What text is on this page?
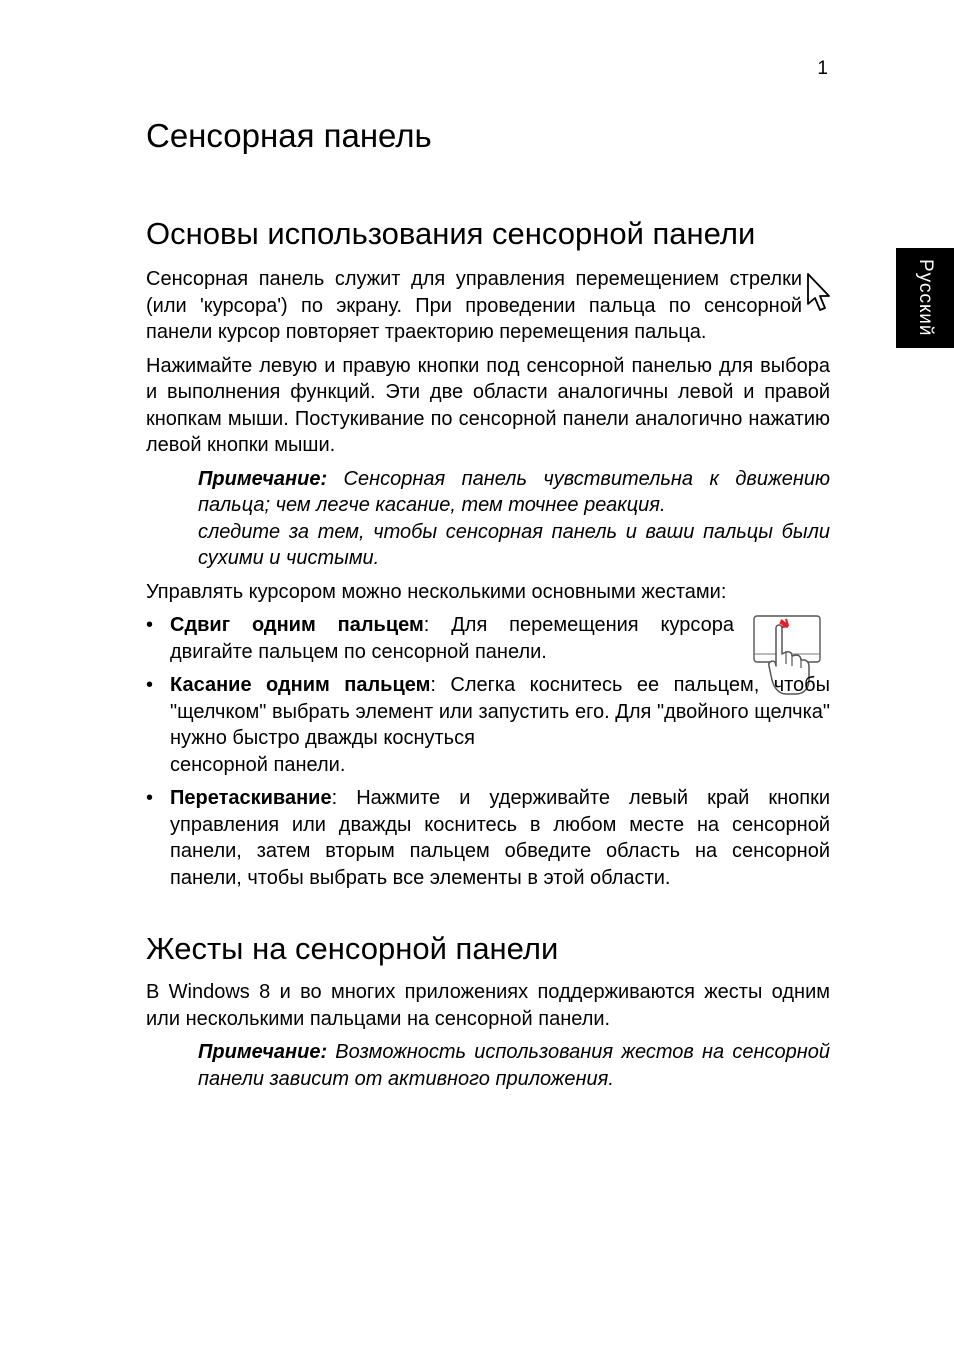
1
Русский
Сенсорная панель
Основы использования сенсорной панели

Сенсорная панель служит для управления перемещением стрелки (или 'курсора') по экрану. При проведении пальца по сенсорной панели курсор повторяет траекторию перемещения пальца.

Нажимайте левую и правую кнопки под сенсорной панелью для выбора и выполнения функций. Эти две области аналогичны левой и правой кнопкам мыши. Постукивание по сенсорной панели аналогично нажатию левой кнопки мыши.

Примечание: Сенсорная панель чувствительна к движению пальца; чем легче касание, тем точнее реакция.

следите за тем, чтобы сенсорная панель и ваши пальцы были сухими и чистыми.

Управлять курсором можно несколькими основными жестами:

• Сдвиг одним пальцем: Для перемещения курсора двигайте пальцем по сенсорной панели.
• Касание одним пальцем: Слегка коснитесь ее пальцем, чтобы "щелчком" выбрать элемент или запустить его. Для "двойного щелчка" нужно быстро дважды коснуться
сенсорной панели.
• Перетаскивание: Нажмите и удерживайте левый край кнопки управления или дважды коснитесь в любом месте на сенсорной панели, затем вторым пальцем обведите область на сенсорной панели, чтобы выбрать все элементы в этой области.
Жесты на сенсорной панели

В Windows 8 и во многих приложениях поддерживаются жесты одним или несколькими пальцами на сенсорной панели.

Примечание: Возможность использования жестов на сенсорной панели зависит от активного приложения.
